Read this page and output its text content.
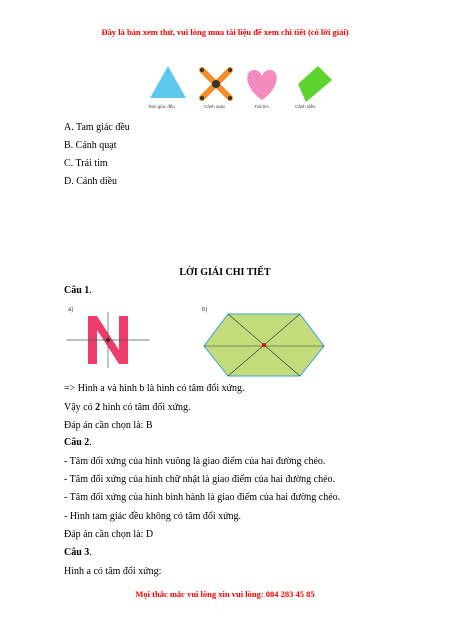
Đây là bản xem thử, vui lòng mua tài liệu để xem chi tiết (có lời giải)
Tam giác đều	Cánh quạt	Trái tim	Cánh diều
A. Tam giác đều
B. Cánh quạt
C. Trái tim
D. Cánh diều
LỜI GIẢI CHI TIẾT
Câu 1.
a)	b)
=> Hình a và hình b là hình có tâm đối xứng.
Vậy có 2 hình có tâm đối xứng.
Đáp án cần chọn là: B
Câu 2.
- Tâm đối xứng của hình vuông là giao điểm của hai đường chéo.
- Tâm đối xứng của hình chữ nhật là giao điểm của hai đường chéo.
- Tâm đối xứng của hình bình hành là giao điểm của hai đường chéo.
- Hình tam giác đều không có tâm đối xứng.
Đáp án cần chọn là: D
Câu 3.
Hình a có tâm đối xứng:
Mọi thắc mắc vui lòng xin vui lòng: 084 283 45 85
